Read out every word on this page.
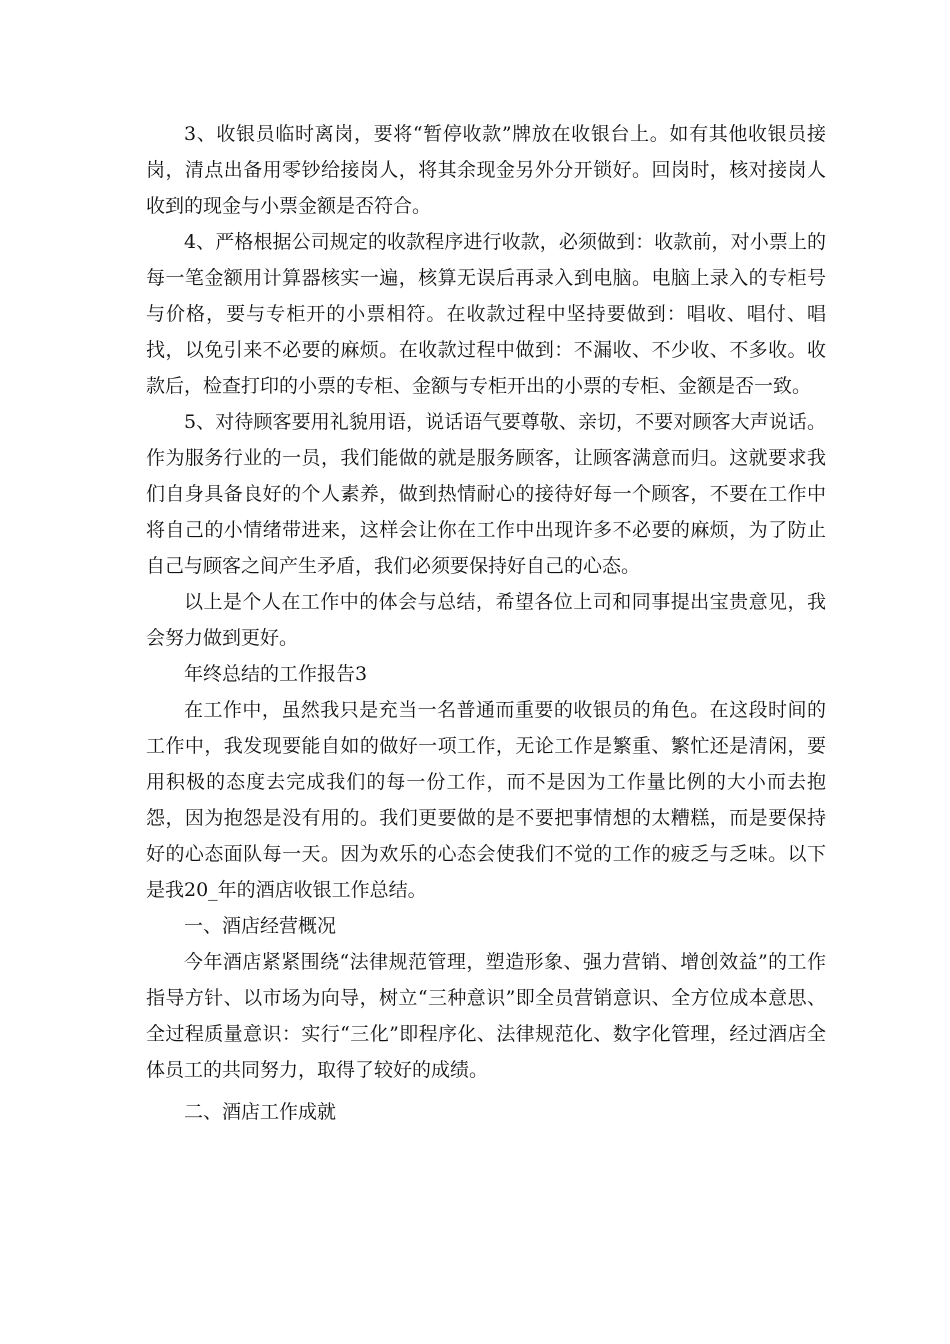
3、收银员临时离岗，要将“暂停收款”牌放在收银台上。如有其他收银员接岗，清点出备用零钞给接岗人，将其余现金另外分开锁好。回岗时，核对接岗人收到的现金与小票金额是否符合。

4、严格根据公司规定的收款程序进行收款，必须做到：收款前，对小票上的每一笔金额用计算器核实一遍，核算无误后再录入到电脑。电脑上录入的专柜号与价格，要与专柜开的小票相符。在收款过程中坚持要做到：唱收、唱付、唱找，以免引来不必要的麻烦。在收款过程中做到：不漏收、不少收、不多收。收款后，检查打印的小票的专柜、金额与专柜开出的小票的专柜、金额是否一致。

5、对待顾客要用礼貌用语，说话语气要尊敬、亲切，不要对顾客大声说话。作为服务行业的一员，我们能做的就是服务顾客，让顾客满意而归。这就要求我们自身具备良好的个人素养，做到热情耐心的接待好每一个顾客，不要在工作中将自己的小情绪带进来，这样会让你在工作中出现许多不必要的麻烦，为了防止自己与顾客之间产生矛盾，我们必须要保持好自己的心态。

以上是个人在工作中的体会与总结，希望各位上司和同事提出宝贵意见，我会努力做到更好。

年终总结的工作报告3

在工作中，虽然我只是充当一名普通而重要的收银员的角色。在这段时间的工作中，我发现要能自如的做好一项工作，无论工作是繁重、繁忙还是清闲，要用积极的态度去完成我们的每一份工作，而不是因为工作量比例的大小而去抱怨，因为抱怨是没有用的。我们更要做的是不要把事情想的太糟糕，而是要保持好的心态面队每一天。因为欢乐的心态会使我们不觉的工作的疲乏与乏味。以下是我20_年的酒店收银工作总结。

一、酒店经营概况

今年酒店紧紧围绕“法律规范管理，塑造形象、强力营销、增创效益”的工作指导方针、以市场为向导，树立“三种意识”即全员营销意识、全方位成本意思、全过程质量意识：实行“三化”即程序化、法律规范化、数字化管理，经过酒店全体员工的共同努力，取得了较好的成绩。

二、酒店工作成就
